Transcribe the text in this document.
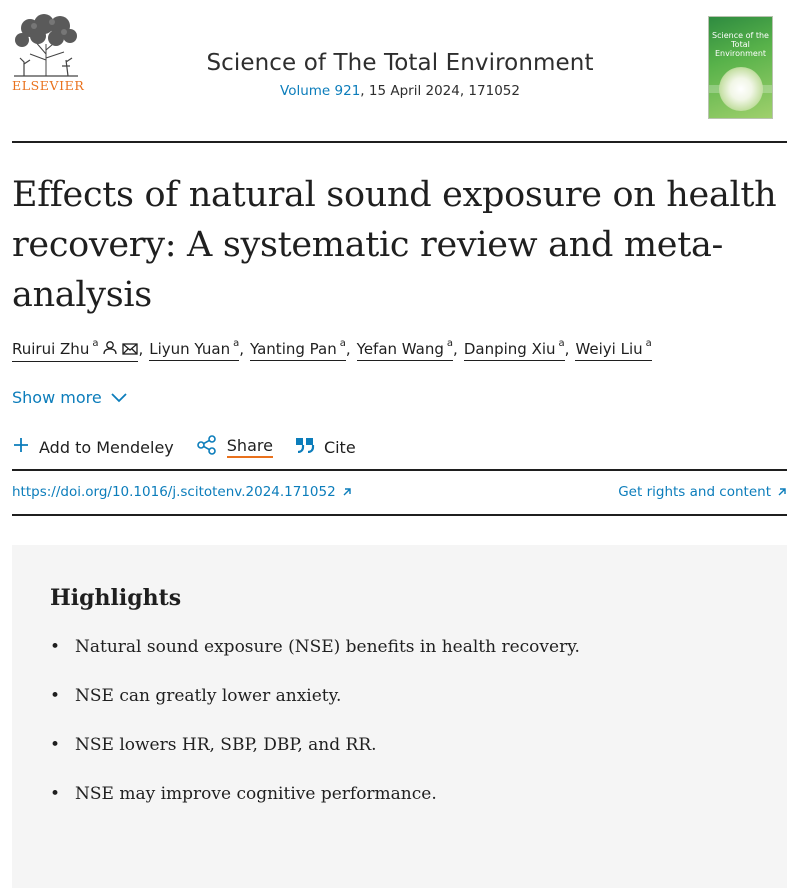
ELSEVIER
Science of The Total Environment
Volume 921, 15 April 2024, 171052
Science of the Total Environment
Effects of natural sound exposure on health recovery: A systematic review and meta-analysis
Ruirui Zhu $^a$	, Liyun Yuan $^a$, Yanting Pan $^a$, Yefan Wang $^a$, Danping Xiu $^a$, Weiyi Liu $^a$
Show more
Add to Mendeley	Share	Cite
https://doi.org/10.1016/j.scitotenv.2024.171052	Get rights and content
Highlights
• Natural sound exposure (NSE) benefits in health recovery.
• NSE can greatly lower anxiety.
• NSE lowers HR, SBP, DBP, and RR.
• NSE may improve cognitive performance.
